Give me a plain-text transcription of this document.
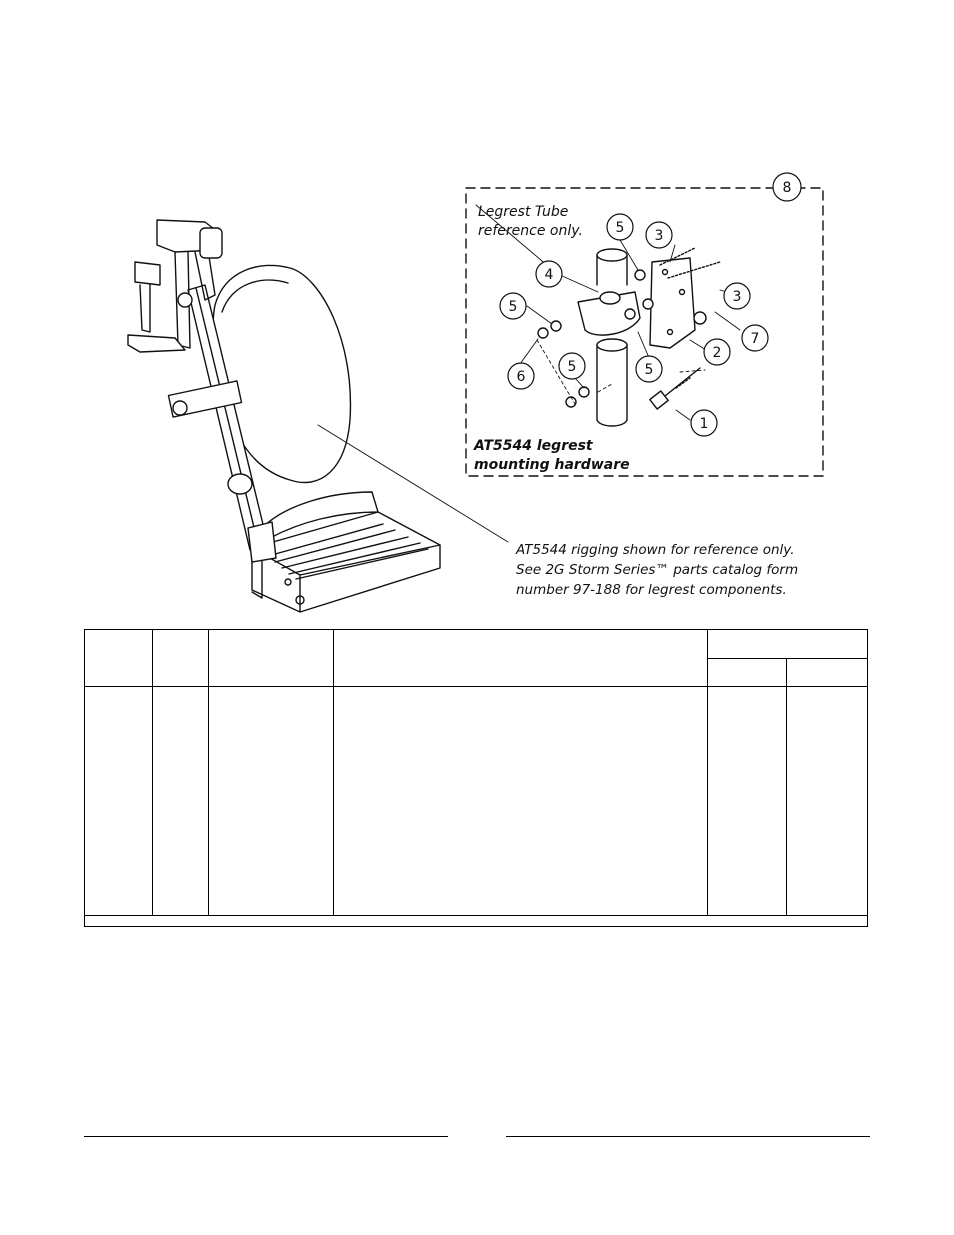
8
5 3
4
3
5
7
2
6
5	5
1
Legrest Tube
reference only.
AT5544 legrest
mounting hardware
AT5544 rigging shown for reference only.
See 2G Storm Series™ parts catalog form
number 97-188 for legrest components.
